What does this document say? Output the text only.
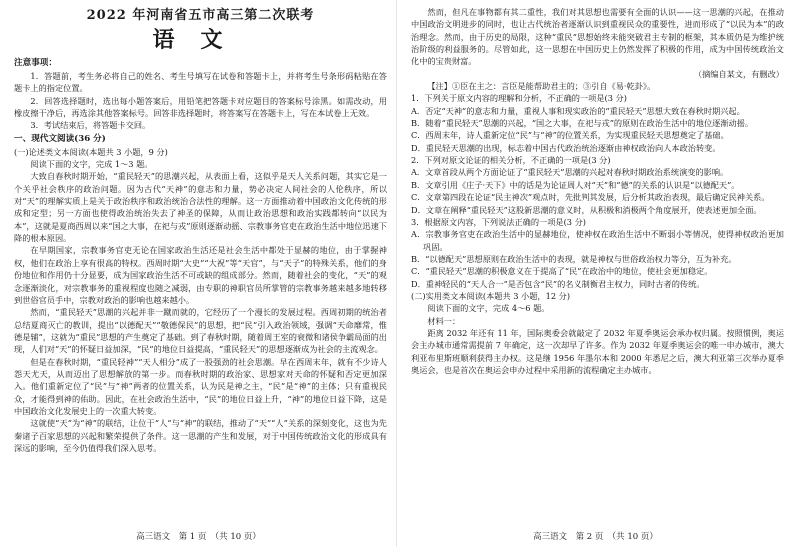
2022 年河南省五市高三第二次联考
语文
注意事项：

1．答题前，考生务必将自己的姓名、考生号填写在试卷和答题卡上，并将考生号条形码粘贴在答题卡上的指定位置。

2．回答选择题时，选出每小题答案后，用铅笔把答题卡对应题目的答案标号涂黑。如需改动，用橡皮擦干净后，再选涂其他答案标号。回答非选择题时，将答案写在答题卡上，写在本试卷上无效。

3．考试结束后，将答题卡交回。

一、现代文阅读(36 分)
(一)论述类文本阅读(本题共 3 小题，9 分)

阅读下面的文字，完成 1～3 题。

大致自春秋时期开始，“重民轻天”的思潮兴起，从表面上看，这似乎是天人关系问题，其实它是一个关乎社会秩序的政治问题。因为古代“天神”的意志和力量，势必决定人间社会的人伦秩序，所以对“天”的理解实质上是关于政治秩序和政治统治合法性的理解。这一方面推动着中国政治文化传统的形成和定型；另一方面也使得政治统治失去了神圣的保障，从而让政治思想和政治实践都转向“以民为本”，这就是夏商西周以来“国之大事，在祀与戎”原则逐渐动摇、宗教事务官吏在政治生活中地位迅速下降的根本原因。

在早期国家，宗教事务官吏无论在国家政治生活还是社会生活中都处于显赫的地位，由于掌握神权，他们在政治上享有很高的特权。西周时期“大史”“大祝”等“天官”，与“天子”的特殊关系，他们的身份地位和作用仍十分显要，成为国家政治生活不可或缺的组成部分。然而，随着社会的变化，“天”的观念逐渐淡化，对宗教事务的重视程度也随之减弱，由专职的神职官员所掌管的宗教事务越来越多地转移到世俗官员手中，宗教对政治的影响也越来越小。

然而，“重民轻天”思潮的兴起并非一蹴而就的，它经历了一个漫长的发展过程。西周初期的统治者总结夏商灭亡的教训，提出“以德配天”“敬德保民”的思想，把“民”引入政治领域，强调“天命靡常，惟德是辅”，这就为“重民”思想的产生奠定了基础。到了春秋时期，随着周王室的衰微和诸侯争霸局面的出现，人们对“天”的怀疑日益加深，“民”的地位日益提高，“重民轻天”的思想逐渐成为社会的主流观念。

但是在春秋时期，“重民轻神”“天人相分”成了一股强劲的社会思潮。早在西周末年，就有不少诗人怨天尤天，从而迈出了思想解放的第一步。而春秋时期的政治家、思想家对天命的怀疑和否定更加深入。他们重新定位了“民”与“神”两者的位置关系，认为民是神之主，“民”是“神”的主体；只有重视民众，才能得到神的佑助。因此，在社会政治生活中，“民”的地位日益上升，“神”的地位日益下降，这是中国政治文化发展史上的一次重大转变。

这就使“天”为“神”的联结，让位于“人”与“神”的联结，推动了“天”“人”关系的深刻变化，这也为先秦诸子百家思想的兴起和繁荣提供了条件。这一思潮的产生和发展，对于中国传统政治文化的形成具有深远的影响，至今仍值得我们深入思考。

高三语文　第 1 页　（共 10 页）

然而，但凡在事物都有其二重性，我们对其思想也需要有全面的认识——这一思潮的兴起，在推动中国政治文明进步的同时，也让古代统治者逐渐认识到重视民众的重要性，进而形成了“以民为本”的政治理念。然而，由于历史的局限，这种“重民”思想始终未能突破君主专制的框架，其本质仍是为维护统治阶级的利益服务的。尽管如此，这一思想在中国历史上仍然发挥了积极的作用，成为中国传统政治文化中的宝贵财富。

（摘编自某文，有删改）

【注】①臣在主之：言臣是能帮助君主的；③引自《易·乾卦》。

1．下列关于原文内容的理解和分析，不正确的一项是(3 分)
A．否定“天神”的意志和力量，重视人事和现实政治的“重民轻天”思想大致在春秋时期兴起。
B．随着“重民轻天”思潮的兴起，“国之大事，在祀与戎”的原则在政治生活中的地位逐渐动摇。
C．西周末年，诗人重新定位“民”与“神”的位置关系，为实现重民轻天思想奠定了基础。
D．重民轻天思潮的出现，标志着中国古代政治统治逐渐由神权政治向人本政治转变。
2．下列对原文论证的相关分析，不正确的一项是(3 分)
A．文章首段从两个方面论证了“重民轻天”思潮的兴起对春秋时期政治系统演变的影响。
B．文章引用《庄子·天下》中的话是为论证周人对“天”和“德”的关系的认识是“以德配天”。
C．文章第四段在论证“民主神次”观点时，先批判其发展，后分析其政治表现，最后确定民神关系。
D．文章在阐释“重民轻天”这股新思潮的意义时，从积极和消极两个角度展开，使表述更加全面。
3．根据原文内容，下列说法正确的一项是(3 分)
A．宗教事务官吏在政治生活中的显赫地位，使神权在政治生活中不断弱小等情况，使得神权政治更加巩固。
B．“以德配天”思想原则在政治生活中的表现，就是神权与世俗政治权力等分，互为补充。
C．“重民轻天”思潮的积极意义在于提高了“民”在政治中的地位，使社会更加稳定。
D．重神轻民的“天人合一”是否包含“民”的名义制衡君主权力，同时古者的传统。
(二)实用类文本阅读(本题共 3 小题，12 分)

阅读下面的文字，完成 4～6 题。

材料一：

距离 2032 年还有 11 年，国际奥委会就敲定了 2032 年夏季奥运会承办权归属。按照惯例，奥运会主办城市通常需提前 7 年确定，这一次却早了许多。作为 2032 年夏季奥运会的唯一申办城市，澳大利亚布里斯班顺利获得主办权。这是继 1956 年墨尔本和 2000 年悉尼之后，澳大利亚第三次举办夏季奥运会，也是首次在奥运会申办过程中采用新的流程确定主办城市。

高三语文　第 2 页　（共 10 页）
